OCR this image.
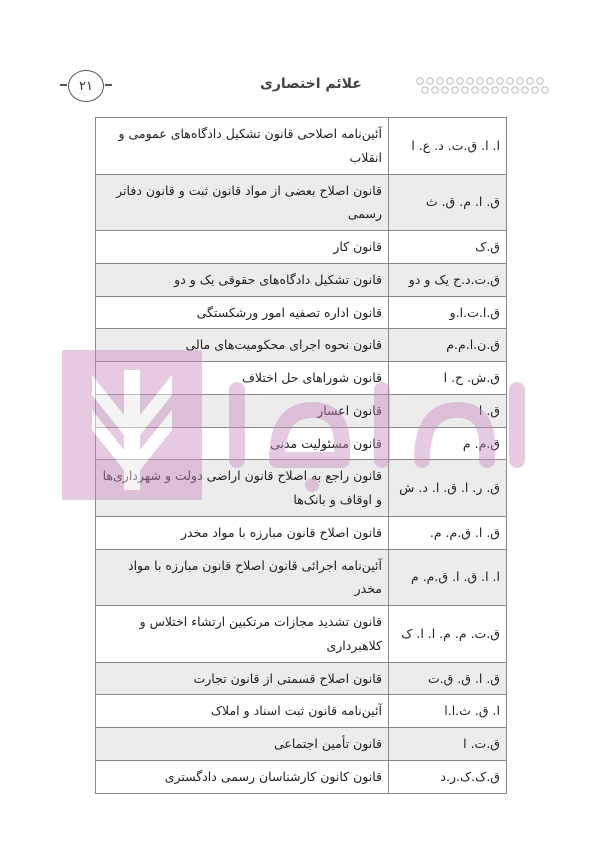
۲۱	علائم اختصاری
ا. ا. ق.ت. د. ع. ا	آئین‌نامه اصلاحی قانون تشکیل دادگاه‌های عمومی و انقلاب
ق. ا. م. ق. ث	قانون اصلاح بعضی از مواد قانون ثبت و قانون دفاتر رسمی
ق.ک	قانون کار
ق.ت.د.ح یک و دو	قانون تشکیل دادگاه‌های حقوقی یک و دو
ق.ا.ت.ا.و	قانون اداره تصفیه امور ورشکستگی
ق.ن.ا.م.م	قانون نحوه اجرای محکومیت‌های مالی
ق.ش. ح. ا	قانون شوراهای حل اختلاف
ق. ا	قانون اعسار
ق.م. م	قانون مسئولیت مدنی
ق. ر. ا. ق. ا. د. ش	قانون راجع به اصلاح قانون اراضی دولت و شهرداری‌ها و اوقاف و بانک‌ها
ق. ا. ق.م. م.	قانون اصلاح قانون مبارزه با مواد مخدر
ا. ا. ق. ا. ق.م. م	آئین‌نامه اجرائی قانون اصلاح قانون مبارزه با مواد مخدر
ق.ت. م. م. ا. ا. ک	قانون تشدید مجازات مرتکبین ارتشاء اختلاس و کلاهبرداری
ق. ا. ق. ق.ت	قانون اصلاح قسمتی از قانون تجارت
ا. ق. ث.ا.ا	آئین‌نامه قانون ثبت اسناد و املاک
ق.ت. ا	قانون تأمین اجتماعی
ق.ک.ک.ر.د	قانون کانون کارشناسان رسمی دادگستری
